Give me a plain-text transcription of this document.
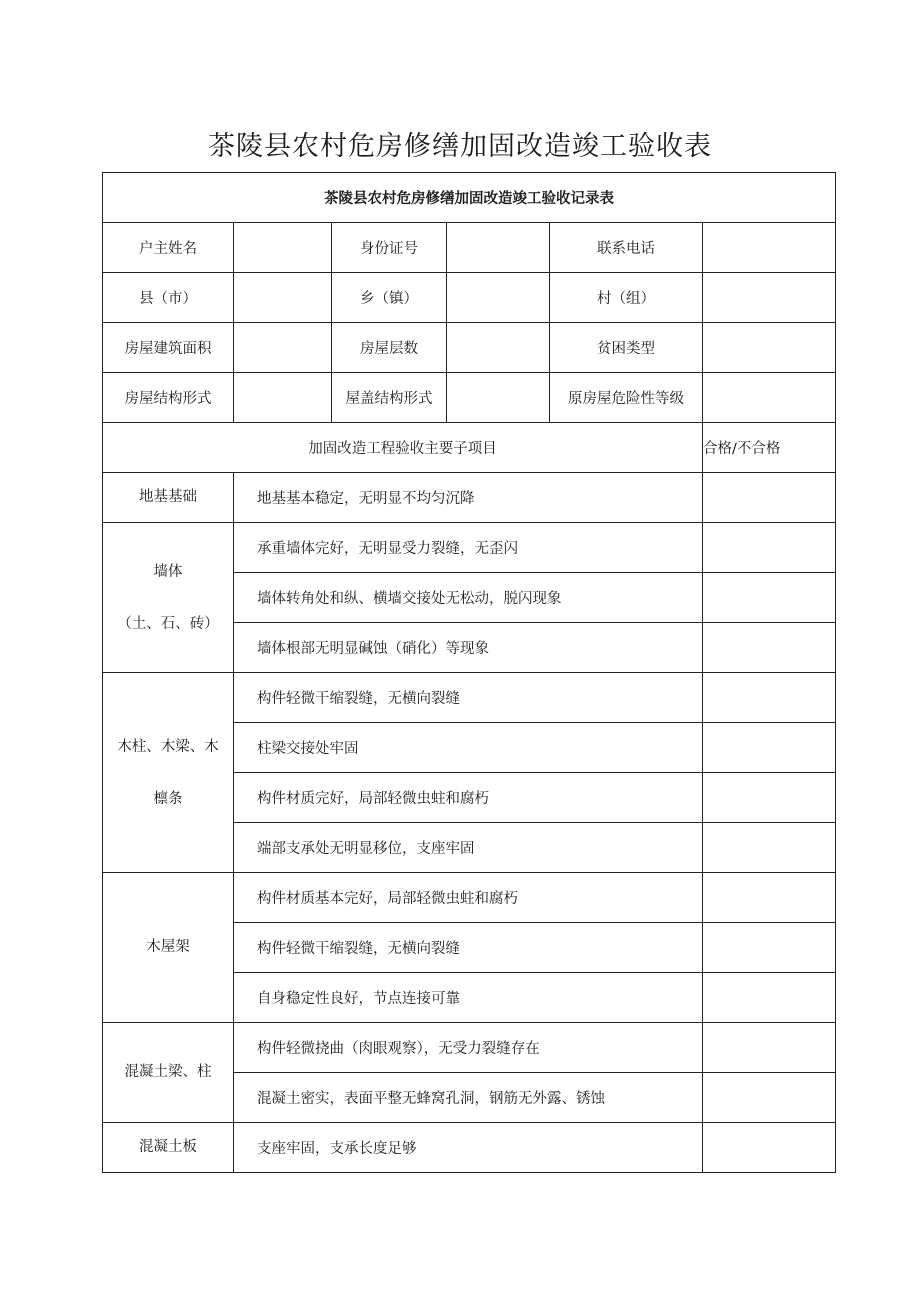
茶陵县农村危房修缮加固改造竣工验收表
茶陵县农村危房修缮加固改造竣工验收记录表					
户主姓名		身份证号		联系电话	
县（市）		乡（镇）		村（组）	
房屋建筑面积		房屋层数		贫困类型	
房屋结构形式		屋盖结构形式		原房屋危险性等级	
加固改造工程验收主要子项目					合格/不合格

地基基础	地基基本稳定，无明显不均匀沉降				

墙体
（土、石、砖）	承重墙体完好，无明显受力裂缝，无歪闪				
	墙体转角处和纵、横墙交接处无松动，脱闪现象				
	墙体根部无明显碱蚀（硝化）等现象				

木柱、木梁、木
檩条	构件轻微干缩裂缝，无横向裂缝				
	柱梁交接处牢固				
	构件材质完好，局部轻微虫蛀和腐朽				
	端部支承处无明显移位，支座牢固				

木屋架	构件材质基本完好，局部轻微虫蛀和腐朽				
	构件轻微干缩裂缝，无横向裂缝				
	自身稳定性良好，节点连接可靠				

混凝土梁、柱	构件轻微挠曲（肉眼观察），无受力裂缝存在				
	混凝土密实，表面平整无蜂窝孔洞，钢筋无外露、锈蚀				

混凝土板	支座牢固，支承长度足够				
